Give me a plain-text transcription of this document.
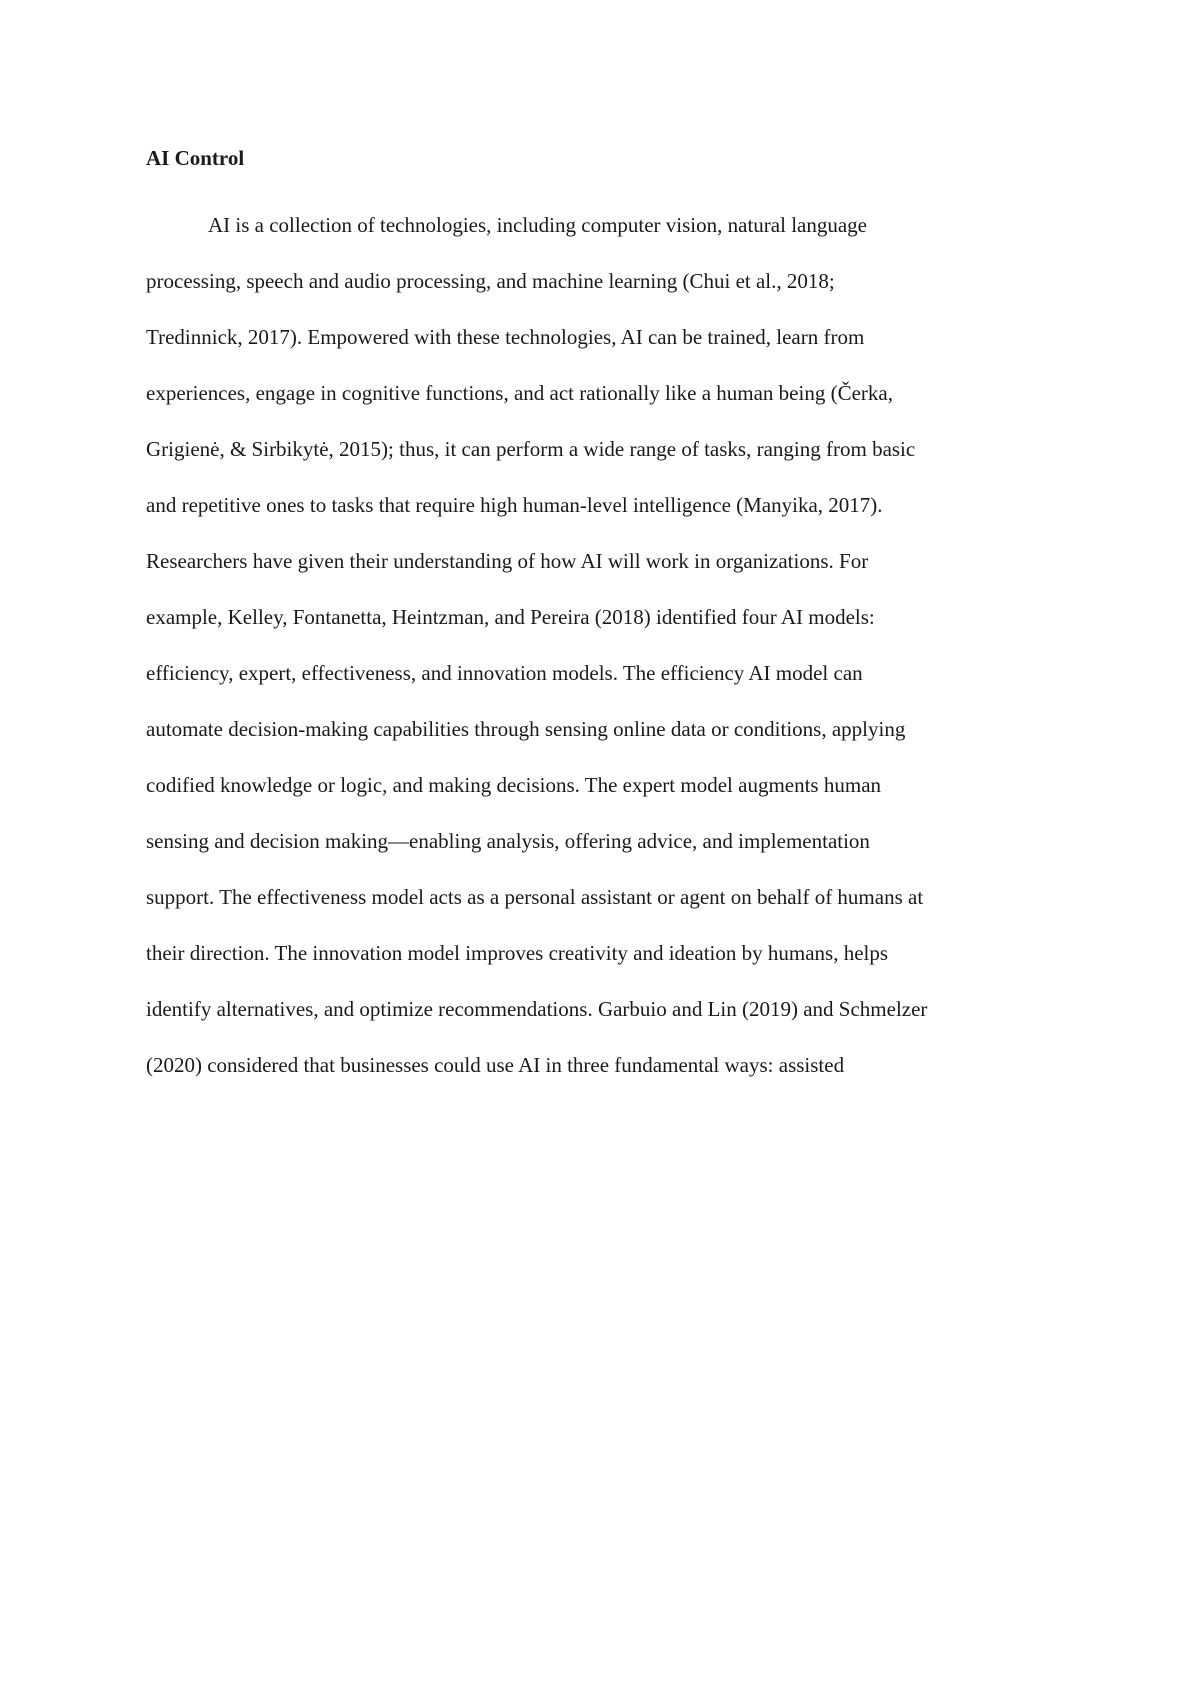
AI Control
AI is a collection of technologies, including computer vision, natural language
processing, speech and audio processing, and machine learning (Chui et al., 2018;
Tredinnick, 2017). Empowered with these technologies, AI can be trained, learn from
experiences, engage in cognitive functions, and act rationally like a human being (Čerka,
Grigienė, & Sirbikytė, 2015); thus, it can perform a wide range of tasks, ranging from basic
and repetitive ones to tasks that require high human-level intelligence (Manyika, 2017).
Researchers have given their understanding of how AI will work in organizations. For
example, Kelley, Fontanetta, Heintzman, and Pereira (2018) identified four AI models:
efficiency, expert, effectiveness, and innovation models. The efficiency AI model can
automate decision-making capabilities through sensing online data or conditions, applying
codified knowledge or logic, and making decisions. The expert model augments human
sensing and decision making—enabling analysis, offering advice, and implementation
support. The effectiveness model acts as a personal assistant or agent on behalf of humans at
their direction. The innovation model improves creativity and ideation by humans, helps
identify alternatives, and optimize recommendations. Garbuio and Lin (2019) and Schmelzer
(2020) considered that businesses could use AI in three fundamental ways: assisted
